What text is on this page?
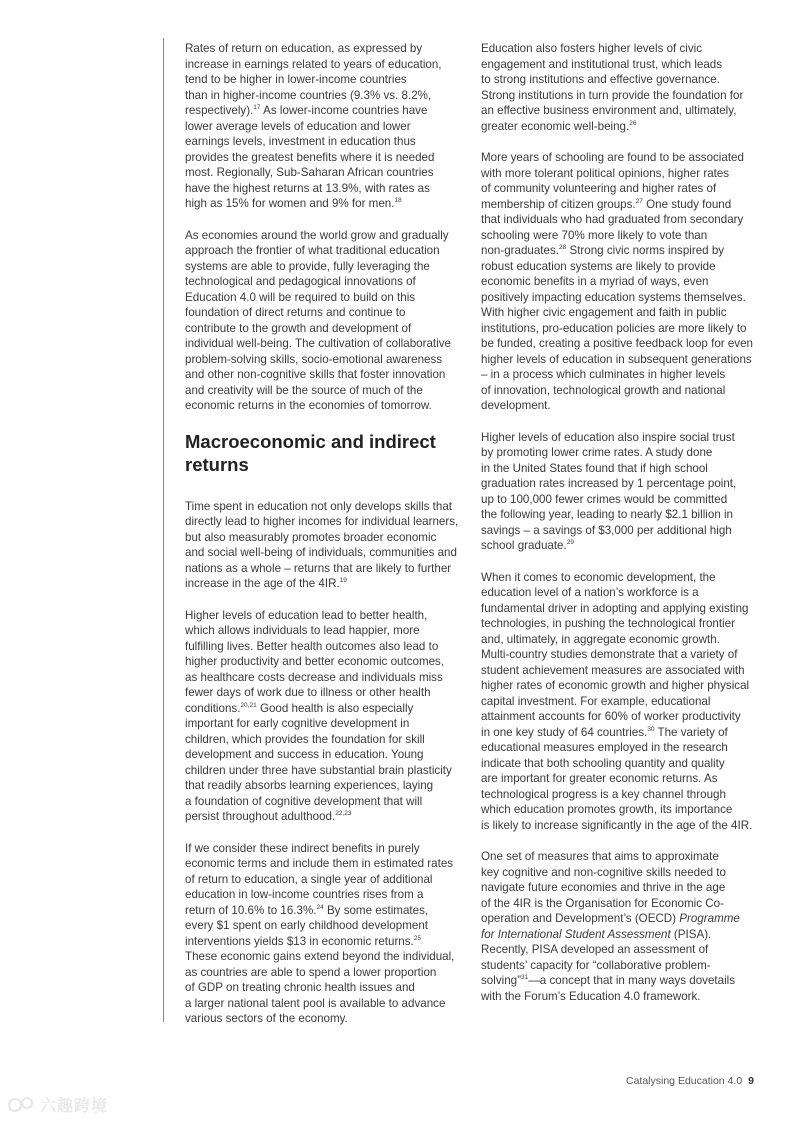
Rates of return on education, as expressed by
increase in earnings related to years of education,
tend to be higher in lower-income countries
than in higher-income countries (9.3% vs. 8.2%,
respectively).$^{17}$ As lower-income countries have
lower average levels of education and lower
earnings levels, investment in education thus
provides the greatest benefits where it is needed
most. Regionally, Sub-Saharan African countries
have the highest returns at 13.9%, with rates as
high as 15% for women and 9% for men.$^{18}$

As economies around the world grow and gradually
approach the frontier of what traditional education
systems are able to provide, fully leveraging the
technological and pedagogical innovations of
Education 4.0 will be required to build on this
foundation of direct returns and continue to
contribute to the growth and development of
individual well-being. The cultivation of collaborative
problem-solving skills, socio-emotional awareness
and other non-cognitive skills that foster innovation
and creativity will be the source of much of the
economic returns in the economies of tomorrow.

Macroeconomic and indirect
returns

Time spent in education not only develops skills that
directly lead to higher incomes for individual learners,
but also measurably promotes broader economic
and social well-being of individuals, communities and
nations as a whole – returns that are likely to further
increase in the age of the 4IR.$^{19}$

Higher levels of education lead to better health,
which allows individuals to lead happier, more
fulfilling lives. Better health outcomes also lead to
higher productivity and better economic outcomes,
as healthcare costs decrease and individuals miss
fewer days of work due to illness or other health
conditions.$^{20,21}$ Good health is also especially
important for early cognitive development in
children, which provides the foundation for skill
development and success in education. Young
children under three have substantial brain plasticity
that readily absorbs learning experiences, laying
a foundation of cognitive development that will
persist throughout adulthood.$^{22,23}$

If we consider these indirect benefits in purely
economic terms and include them in estimated rates
of return to education, a single year of additional
education in low-income countries rises from a
return of 10.6% to 16.3%.$^{24}$ By some estimates,
every $1 spent on early childhood development
interventions yields $13 in economic returns.$^{25}$
These economic gains extend beyond the individual,
as countries are able to spend a lower proportion
of GDP on treating chronic health issues and
a larger national talent pool is available to advance
various sectors of the economy.

Education also fosters higher levels of civic
engagement and institutional trust, which leads
to strong institutions and effective governance.
Strong institutions in turn provide the foundation for
an effective business environment and, ultimately,
greater economic well-being.$^{26}$

More years of schooling are found to be associated
with more tolerant political opinions, higher rates
of community volunteering and higher rates of
membership of citizen groups.$^{27}$ One study found
that individuals who had graduated from secondary
schooling were 70% more likely to vote than
non-graduates.$^{28}$ Strong civic norms inspired by
robust education systems are likely to provide
economic benefits in a myriad of ways, even
positively impacting education systems themselves.
With higher civic engagement and faith in public
institutions, pro-education policies are more likely to
be funded, creating a positive feedback loop for even
higher levels of education in subsequent generations
– in a process which culminates in higher levels
of innovation, technological growth and national
development.

Higher levels of education also inspire social trust
by promoting lower crime rates. A study done
in the United States found that if high school
graduation rates increased by 1 percentage point,
up to 100,000 fewer crimes would be committed
the following year, leading to nearly $2.1 billion in
savings – a savings of $3,000 per additional high
school graduate.$^{29}$

When it comes to economic development, the
education level of a nation’s workforce is a
fundamental driver in adopting and applying existing
technologies, in pushing the technological frontier
and, ultimately, in aggregate economic growth.
Multi-country studies demonstrate that a variety of
student achievement measures are associated with
higher rates of economic growth and higher physical
capital investment. For example, educational
attainment accounts for 60% of worker productivity
in one key study of 64 countries.$^{30}$ The variety of
educational measures employed in the research
indicate that both schooling quantity and quality
are important for greater economic returns. As
technological progress is a key channel through
which education promotes growth, its importance
is likely to increase significantly in the age of the 4IR.

One set of measures that aims to approximate
key cognitive and non-cognitive skills needed to
navigate future economies and thrive in the age
of the 4IR is the Organisation for Economic Co-
operation and Development’s (OECD) Programme
for International Student Assessment (PISA).
Recently, PISA developed an assessment of
students’ capacity for “collaborative problem-
solving”$^{31}$—a concept that in many ways dovetails
with the Forum’s Education 4.0 framework.

Catalysing Education 4.0 9
六趣跨境
